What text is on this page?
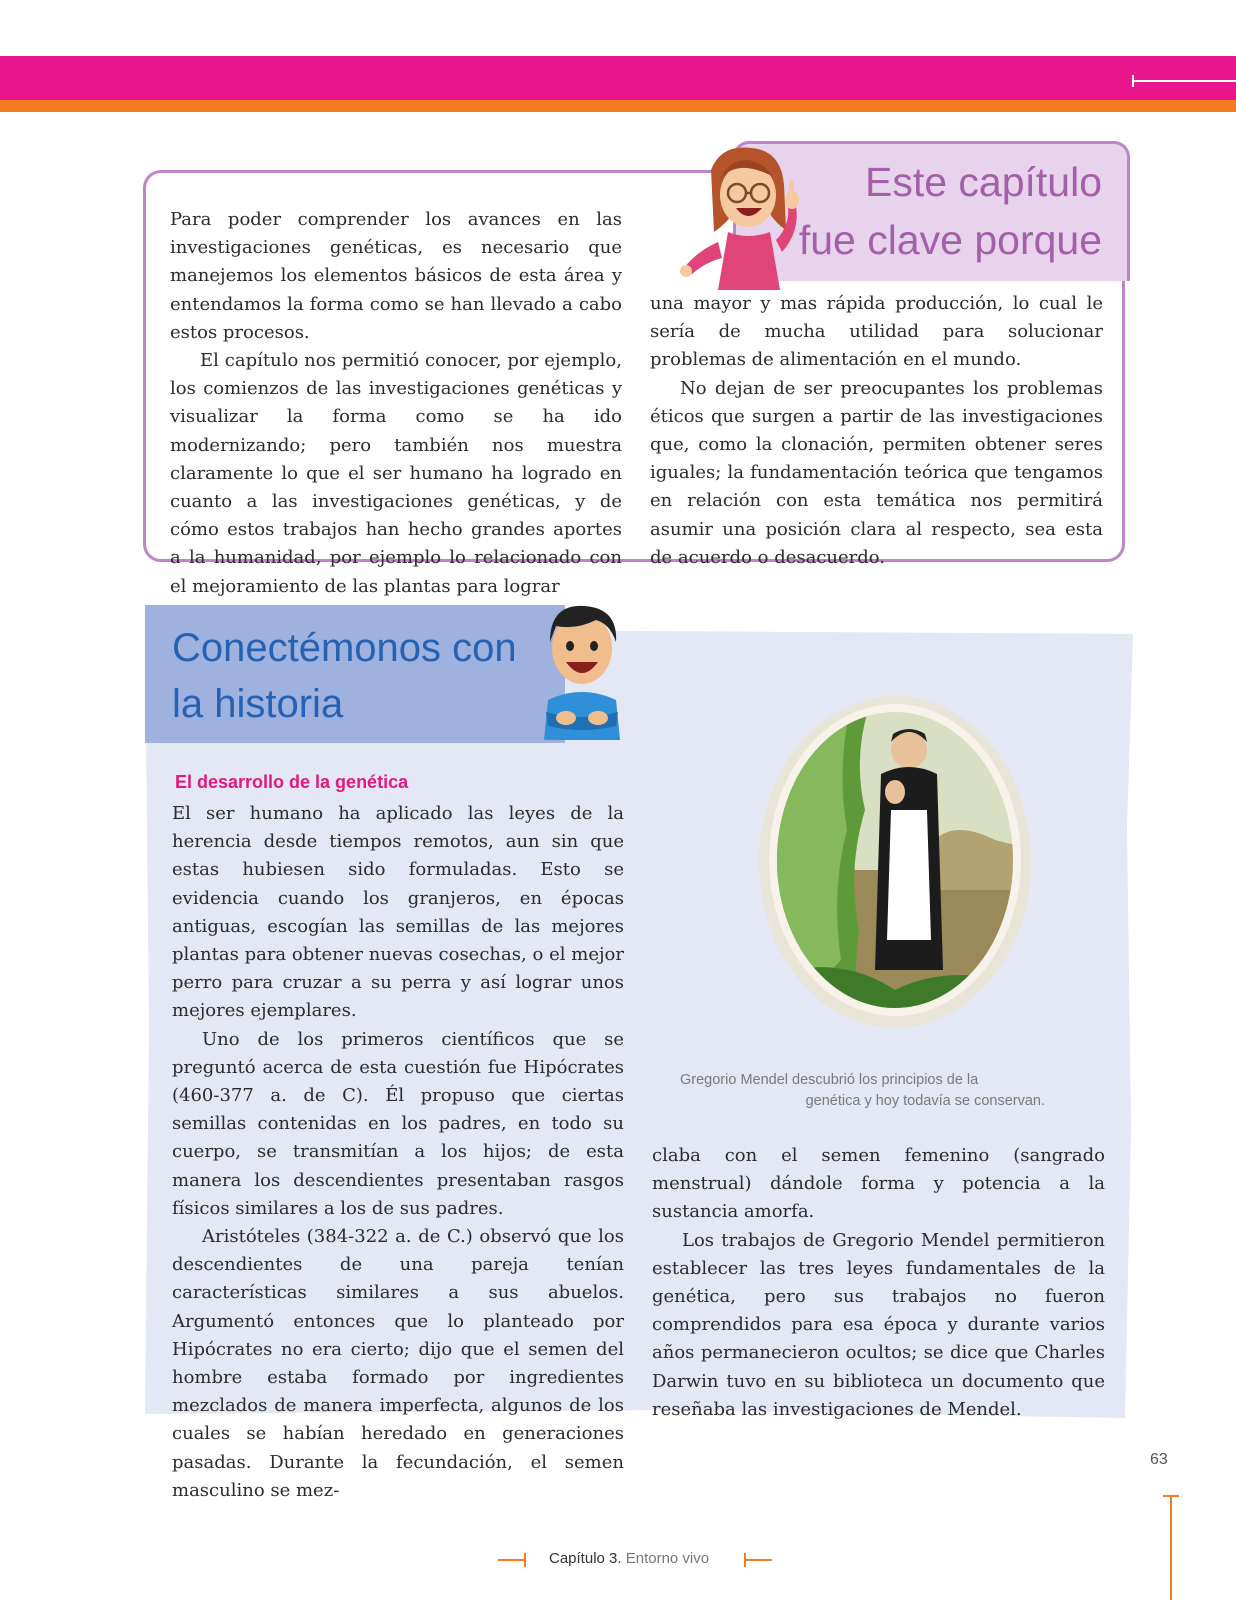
Este capítulo
fue clave porque

Para poder comprender los avances en las investigaciones genéticas, es necesario que manejemos los elementos básicos de esta área y entendamos la forma como se han llevado a cabo estos procesos.

El capítulo nos permitió conocer, por ejemplo, los comienzos de las investigaciones genéticas y visualizar la forma como se ha ido modernizando; pero también nos muestra claramente lo que el ser humano ha logrado en cuanto a las investigaciones genéticas, y de cómo estos trabajos han hecho grandes aportes a la humanidad, por ejemplo lo relacionado con el mejoramiento de las plantas para lograr

una mayor y mas rápida producción, lo cual le sería de mucha utilidad para solucionar problemas de alimentación en el mundo.

No dejan de ser preocupantes los problemas éticos que surgen a partir de las investigaciones que, como la clonación, permiten obtener seres iguales; la fundamentación teórica que tengamos en relación con esta temática nos permitirá asumir una posición clara al respecto, sea esta de acuerdo o desacuerdo.

Conectémonos con
la historia

El desarrollo de la genética

El ser humano ha aplicado las leyes de la herencia desde tiempos remotos, aun sin que estas hubiesen sido formuladas. Esto se evidencia cuando los granjeros, en épocas antiguas, escogían las semillas de las mejores plantas para obtener nuevas cosechas, o el mejor perro para cruzar a su perra y así lograr unos mejores ejemplares.

Uno de los primeros científicos que se preguntó acerca de esta cuestión fue Hipócrates (460-377 a. de C). Él propuso que ciertas semillas contenidas en los padres, en todo su cuerpo, se transmitían a los hijos; de esta manera los descendientes presentaban rasgos físicos similares a los de sus padres.

Aristóteles (384-322 a. de C.) observó que los descendientes de una pareja tenían características similares a sus abuelos. Argumentó entonces que lo planteado por Hipócrates no era cierto; dijo que el semen del hombre estaba formado por ingredientes mezclados de manera imperfecta, algunos de los cuales se habían heredado en generaciones pasadas. Durante la fecundación, el semen masculino se mez-

claba con el semen femenino (sangrado menstrual) dándole forma y potencia a la sustancia amorfa.

Los trabajos de Gregorio Mendel permitieron establecer las tres leyes fundamentales de la genética, pero sus trabajos no fueron comprendidos para esa época y durante varios años permanecieron ocultos; se dice que Charles Darwin tuvo en su biblioteca un documento que reseñaba las investigaciones de Mendel.

Gregorio Mendel descubrió los principios de la
genética y hoy todavía se conservan.

63

Capítulo 3. Entorno vivo
